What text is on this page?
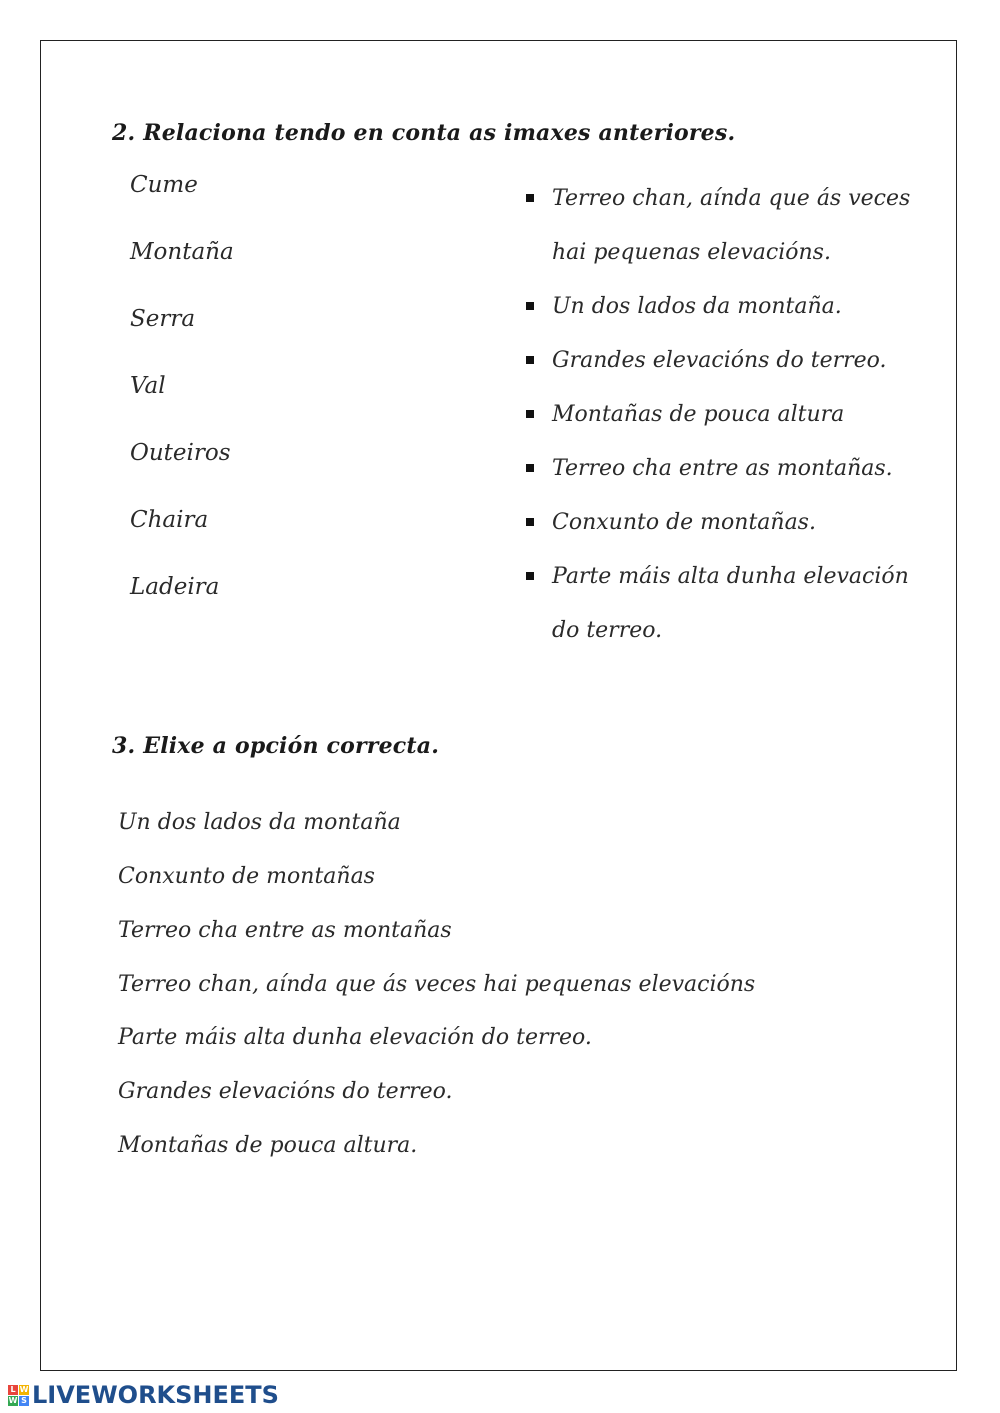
2. Relaciona tendo en conta as imaxes anteriores.
Cume
Montaña
Serra
Val
Outeiros
Chaira
Ladeira
Terreo chan, aínda que ás veces hai pequenas elevacións.
Un dos lados da montaña.
Grandes elevacións do terreo.
Montañas de pouca altura
Terreo cha entre as montañas.
Conxunto de montañas.
Parte máis alta dunha elevación do terreo.
3. Elixe a opción correcta.
Un dos lados da montaña
Conxunto de montañas
Terreo cha entre as montañas
Terreo chan, aínda que ás veces hai pequenas elevacións
Parte máis alta dunha elevación do terreo.
Grandes elevacións do terreo.
Montañas de pouca altura.
L W
W S LIVEWORKSHEETS
